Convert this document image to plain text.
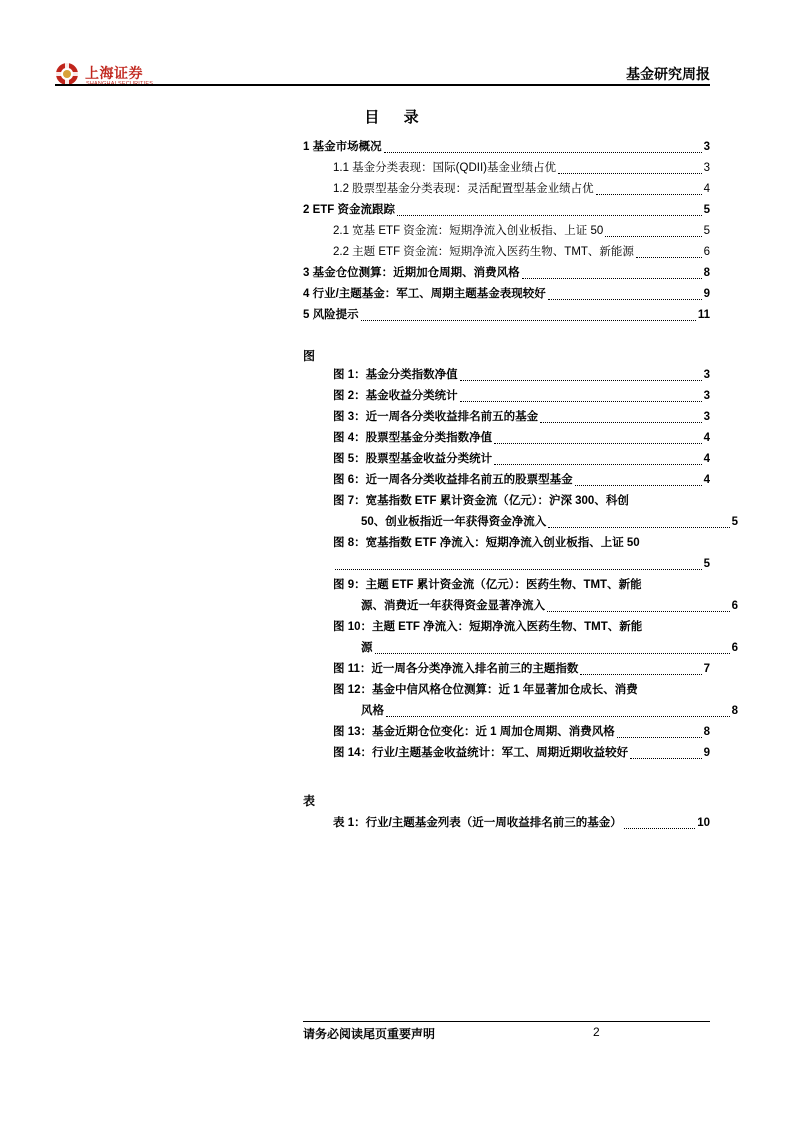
上海证券
SHANGHAI SECURITIES
基金研究周报
目 录
1 基金市场概况	3
1.1 基金分类表现：国际(QDII)基金业绩占优	3
1.2 股票型基金分类表现：灵活配置型基金业绩占优	4
2 ETF 资金流跟踪	5
2.1 宽基 ETF 资金流：短期净流入创业板指、上证 50	5
2.2 主题 ETF 资金流：短期净流入医药生物、TMT、新能源	6
3 基金仓位测算：近期加仓周期、消费风格	8
4 行业/主题基金：军工、周期主题基金表现较好	9
5 风险提示	11
图
图 1：基金分类指数净值	3
图 2：基金收益分类统计	3
图 3：近一周各分类收益排名前五的基金	3
图 4：股票型基金分类指数净值	4
图 5：股票型基金收益分类统计	4
图 6：近一周各分类收益排名前五的股票型基金	4
图 7：宽基指数 ETF 累计资金流（亿元）：沪深 300、科创
50、创业板指近一年获得资金净流入	5
图 8：宽基指数 ETF 净流入：短期净流入创业板指、上证 50
5
图 9：主题 ETF 累计资金流（亿元）：医药生物、TMT、新能
源、消费近一年获得资金显著净流入	6
图 10：主题 ETF 净流入：短期净流入医药生物、TMT、新能
源	6
图 11：近一周各分类净流入排名前三的主题指数	7
图 12：基金中信风格仓位测算：近 1 年显著加仓成长、消费
风格	8
图 13：基金近期仓位变化：近 1 周加仓周期、消费风格	8
图 14：行业/主题基金收益统计：军工、周期近期收益较好	9
表
表 1：行业/主题基金列表（近一周收益排名前三的基金）	10
请务必阅读尾页重要声明	2
